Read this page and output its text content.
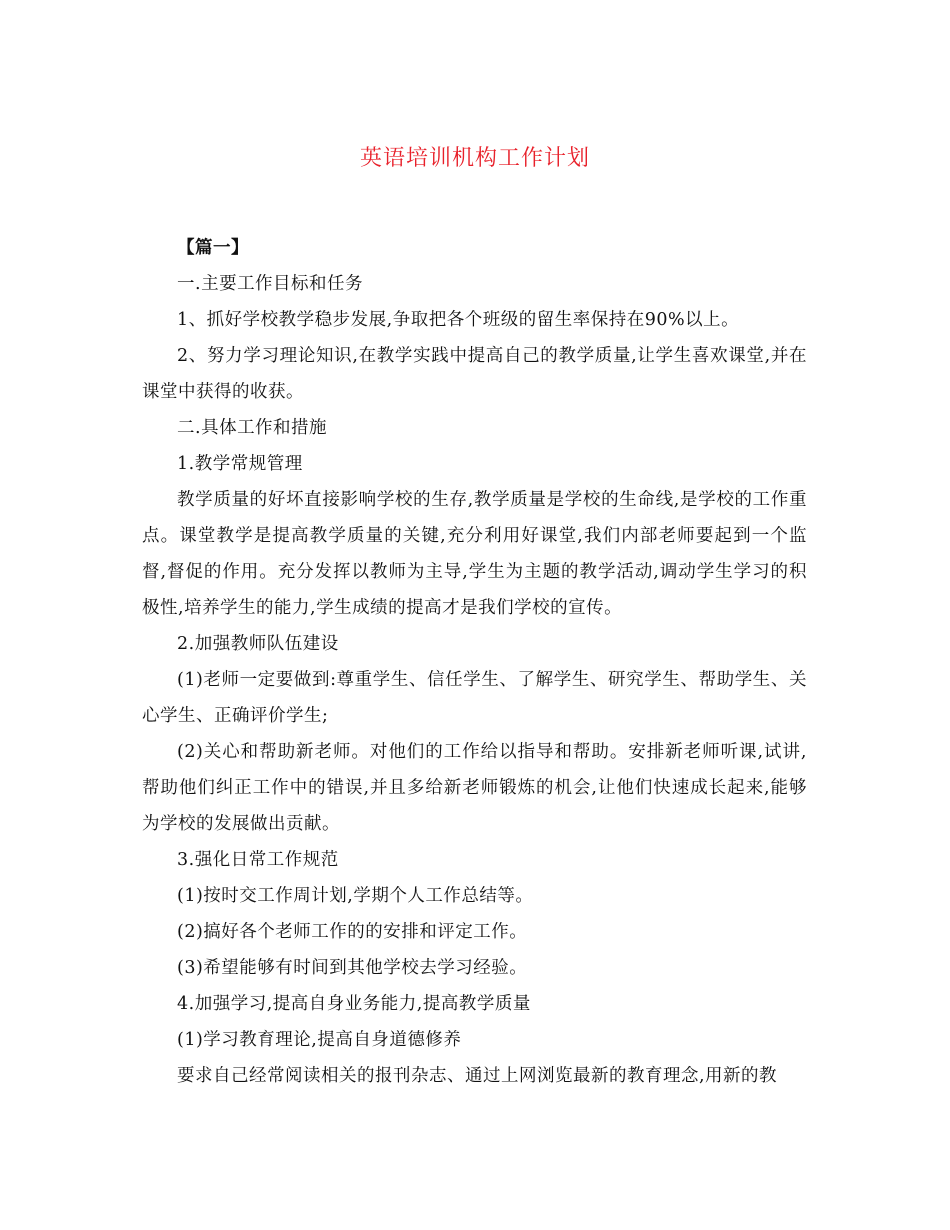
英语培训机构工作计划

【篇一】

一.主要工作目标和任务

1、抓好学校教学稳步发展,争取把各个班级的留生率保持在90%以上。

2、努力学习理论知识,在教学实践中提高自己的教学质量,让学生喜欢课堂,并在课堂中获得的收获。

二.具体工作和措施

1.教学常规管理

教学质量的好坏直接影响学校的生存,教学质量是学校的生命线,是学校的工作重点。课堂教学是提高教学质量的关键,充分利用好课堂,我们内部老师要起到一个监督,督促的作用。充分发挥以教师为主导,学生为主题的教学活动,调动学生学习的积极性,培养学生的能力,学生成绩的提高才是我们学校的宣传。

2.加强教师队伍建设

(1)老师一定要做到:尊重学生、信任学生、了解学生、研究学生、帮助学生、关心学生、正确评价学生;

(2)关心和帮助新老师。对他们的工作给以指导和帮助。安排新老师听课,试讲,帮助他们纠正工作中的错误,并且多给新老师锻炼的机会,让他们快速成长起来,能够为学校的发展做出贡献。

3.强化日常工作规范

(1)按时交工作周计划,学期个人工作总结等。

(2)搞好各个老师工作的的安排和评定工作。

(3)希望能够有时间到其他学校去学习经验。

4.加强学习,提高自身业务能力,提高教学质量

(1)学习教育理论,提高自身道德修养

要求自己经常阅读相关的报刊杂志、通过上网浏览最新的教育理念,用新的教
